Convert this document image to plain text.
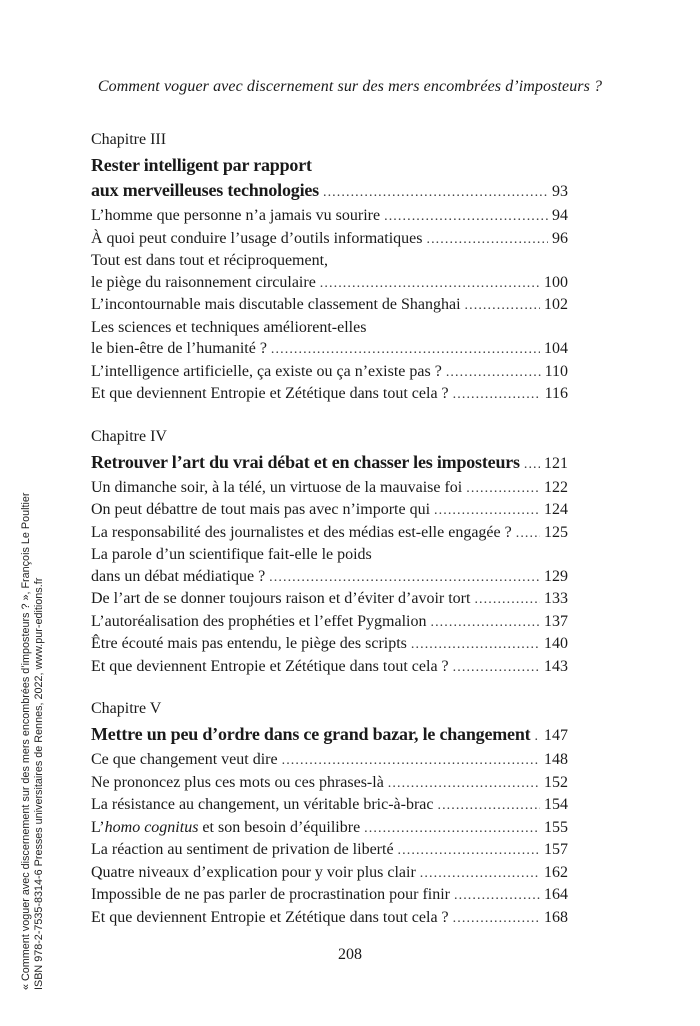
Comment voguer avec discernement sur des mers encombrées d’imposteurs ?
Chapitre III
Rester intelligent par rapport
aux merveilleuses technologies . . .	93
L’homme que personne n’a jamais vu sourire . . .	94
À quoi peut conduire l’usage d’outils informatiques . . .	96
Tout est dans tout et réciproquement,
le piège du raisonnement circulaire . . .	100
L’incontournable mais discutable classement de Shanghai . . .	102
Les sciences et techniques améliorent-elles
le bien-être de l’humanité ? . . .	104
L’intelligence artificielle, ça existe ou ça n’existe pas ? . . .	110
Et que deviennent Entropie et Zététique dans tout cela ? . . .	116
Chapitre IV
Retrouver l’art du vrai débat et en chasser les imposteurs . . . 121
Un dimanche soir, à la télé, un virtuose de la mauvaise foi . . .	122
On peut débattre de tout mais pas avec n’importe qui . . .	124
La responsabilité des journalistes et des médias est-elle engagée ? . . . 125
La parole d’un scientifique fait-elle le poids
dans un débat médiatique ? . . .	129
De l’art de se donner toujours raison et d’éviter d’avoir tort . . .	133
L’autoréalisation des prophéties et l’effet Pygmalion . . .	137
Être écouté mais pas entendu, le piège des scripts . . .	140
Et que deviennent Entropie et Zététique dans tout cela ? . . .	143
Chapitre V
Mettre un peu d’ordre dans ce grand bazar, le changement . . . 147
Ce que changement veut dire . . .	148
Ne prononcez plus ces mots ou ces phrases-là . . .	152
La résistance au changement, un véritable bric-à-brac . . .	154
L’homo cognitus et son besoin d’équilibre . . .	155
La réaction au sentiment de privation de liberté . . .	157
Quatre niveaux d’explication pour y voir plus clair . . .	162
Impossible de ne pas parler de procrastination pour finir . . .	164
Et que deviennent Entropie et Zététique dans tout cela ? . . .	168
208
« Comment voguer avec discernement sur des mers encombrées d’imposteurs ? », François Le Poultier ISBN 978-2-7535-8314-6 Presses universitaires de Rennes, 2022, www.pur-editions.fr
